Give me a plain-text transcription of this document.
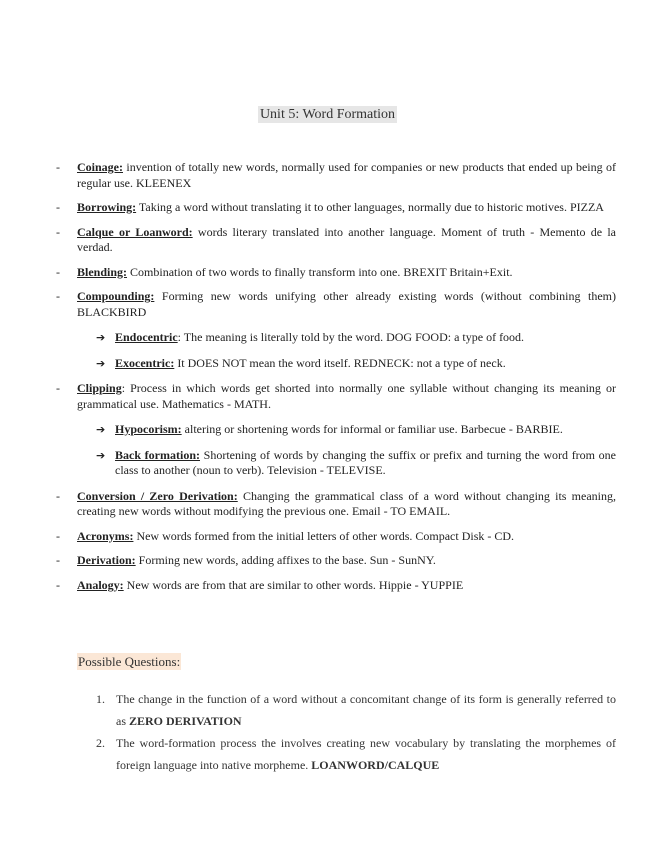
Unit 5: Word Formation
- Coinage: invention of totally new words, normally used for companies or new products that ended up being of regular use. KLEENEX
- Borrowing: Taking a word without translating it to other languages, normally due to historic motives. PIZZA
- Calque or Loanword: words literary translated into another language. Moment of truth - Memento de la verdad.
- Blending: Combination of two words to finally transform into one. BREXIT Britain+Exit.
- Compounding: Forming new words unifying other already existing words (without combining them) BLACKBIRD
➔ Endocentric: The meaning is literally told by the word. DOG FOOD: a type of food.
➔ Exocentric: It DOES NOT mean the word itself. REDNECK: not a type of neck.
- Clipping: Process in which words get shorted into normally one syllable without changing its meaning or grammatical use. Mathematics - MATH.
➔ Hypocorism: altering or shortening words for informal or familiar use. Barbecue - BARBIE.
➔ Back formation: Shortening of words by changing the suffix or prefix and turning the word from one class to another (noun to verb). Television - TELEVISE.
- Conversion / Zero Derivation: Changing the grammatical class of a word without changing its meaning, creating new words without modifying the previous one. Email - TO EMAIL.
- Acronyms: New words formed from the initial letters of other words. Compact Disk - CD.
- Derivation: Forming new words, adding affixes to the base. Sun - SunNY.
- Analogy: New words are from that are similar to other words. Hippie - YUPPIE
Possible Questions:
1. The change in the function of a word without a concomitant change of its form is generally referred to as ZERO DERIVATION
2. The word-formation process the involves creating new vocabulary by translating the morphemes of foreign language into native morpheme. LOANWORD/CALQUE
